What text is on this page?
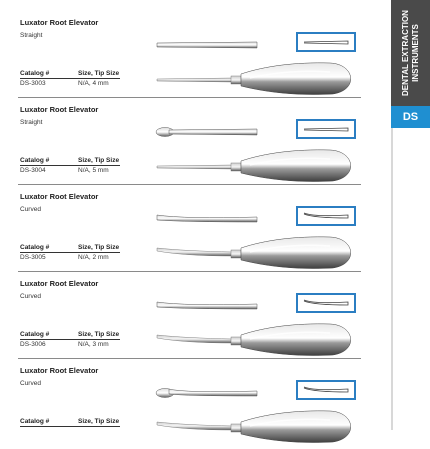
DENTAL EXTRACTION INSTRUMENTS
DS
Luxator Root Elevator
Straight
Catalog #	Size, Tip Size
DS-3003	N/A, 4 mm
Luxator Root Elevator
Straight
Catalog #	Size, Tip Size
DS-3004	N/A, 5 mm
Luxator Root Elevator
Curved
Catalog #	Size, Tip Size
DS-3005	N/A, 2 mm
Luxator Root Elevator
Curved
Catalog #	Size, Tip Size
DS-3006	N/A, 3 mm
Luxator Root Elevator
Curved
Catalog #	Size, Tip Size
